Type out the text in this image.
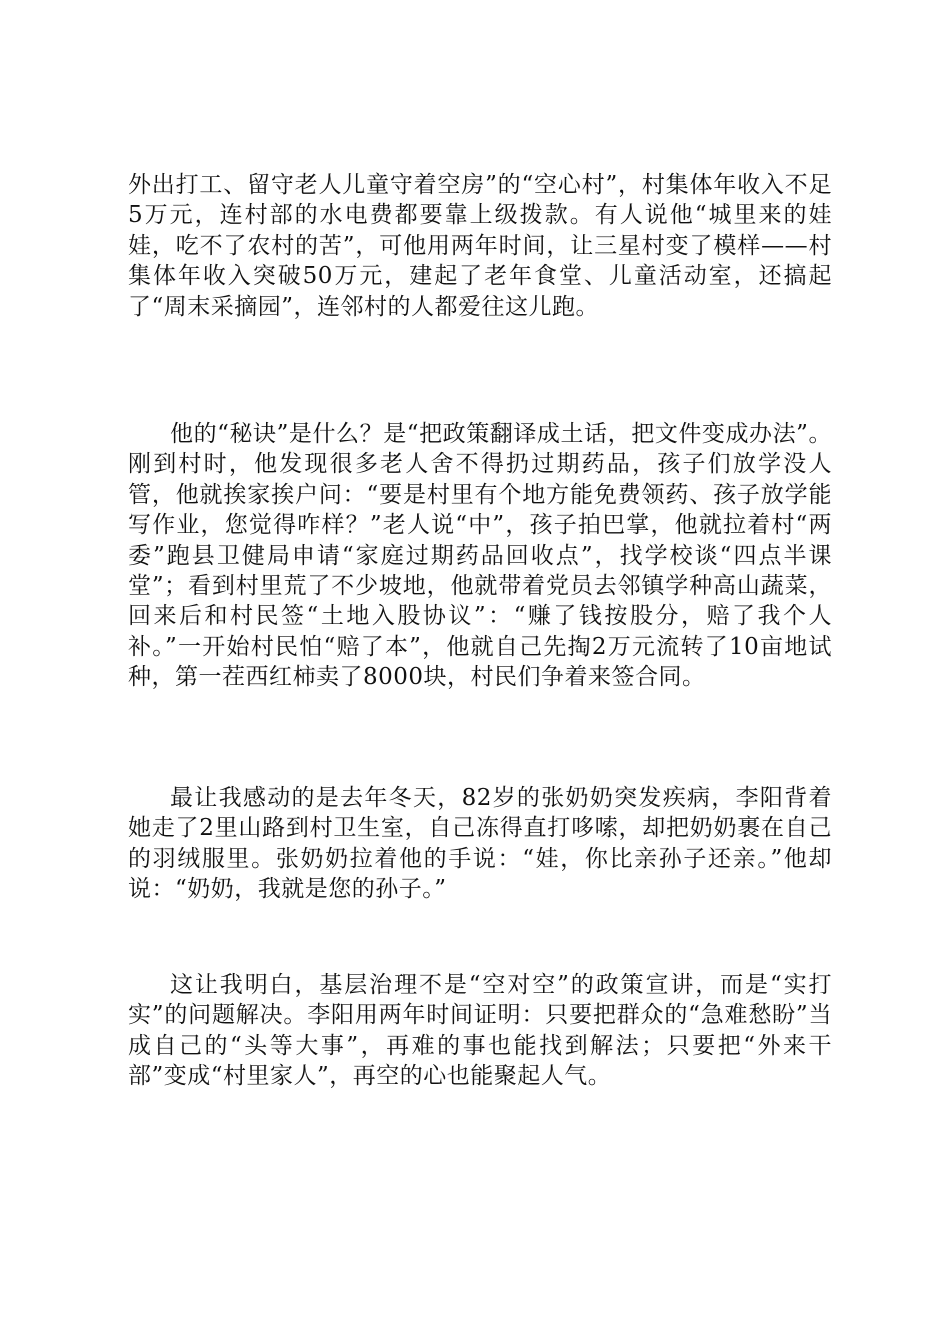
外出打工、留守老人儿童守着空房”的“空心村”，村集体年收入不足5万元，连村部的水电费都要靠上级拨款。有人说他“城里来的娃娃，吃不了农村的苦”，可他用两年时间，让三星村变了模样——村集体年收入突破50万元，建起了老年食堂、儿童活动室，还搞起了“周末采摘园”，连邻村的人都爱往这儿跑。

他的“秘诀”是什么？是“把政策翻译成土话，把文件变成办法”。刚到村时，他发现很多老人舍不得扔过期药品，孩子们放学没人管，他就挨家挨户问：“要是村里有个地方能免费领药、孩子放学能写作业，您觉得咋样？”老人说“中”，孩子拍巴掌，他就拉着村“两委”跑县卫健局申请“家庭过期药品回收点”，找学校谈“四点半课堂”；看到村里荒了不少坡地，他就带着党员去邻镇学种高山蔬菜，回来后和村民签“土地入股协议”：“赚了钱按股分，赔了我个人补。”一开始村民怕“赔了本”，他就自己先掏2万元流转了10亩地试种，第一茬西红柿卖了8000块，村民们争着来签合同。

最让我感动的是去年冬天，82岁的张奶奶突发疾病，李阳背着她走了2里山路到村卫生室，自己冻得直打哆嗦，却把奶奶裹在自己的羽绒服里。张奶奶拉着他的手说：“娃，你比亲孙子还亲。”他却说：“奶奶，我就是您的孙子。”

这让我明白，基层治理不是“空对空”的政策宣讲，而是“实打实”的问题解决。李阳用两年时间证明：只要把群众的“急难愁盼”当成自己的“头等大事”，再难的事也能找到解法；只要把“外来干部”变成“村里家人”，再空的心也能聚起人气。
